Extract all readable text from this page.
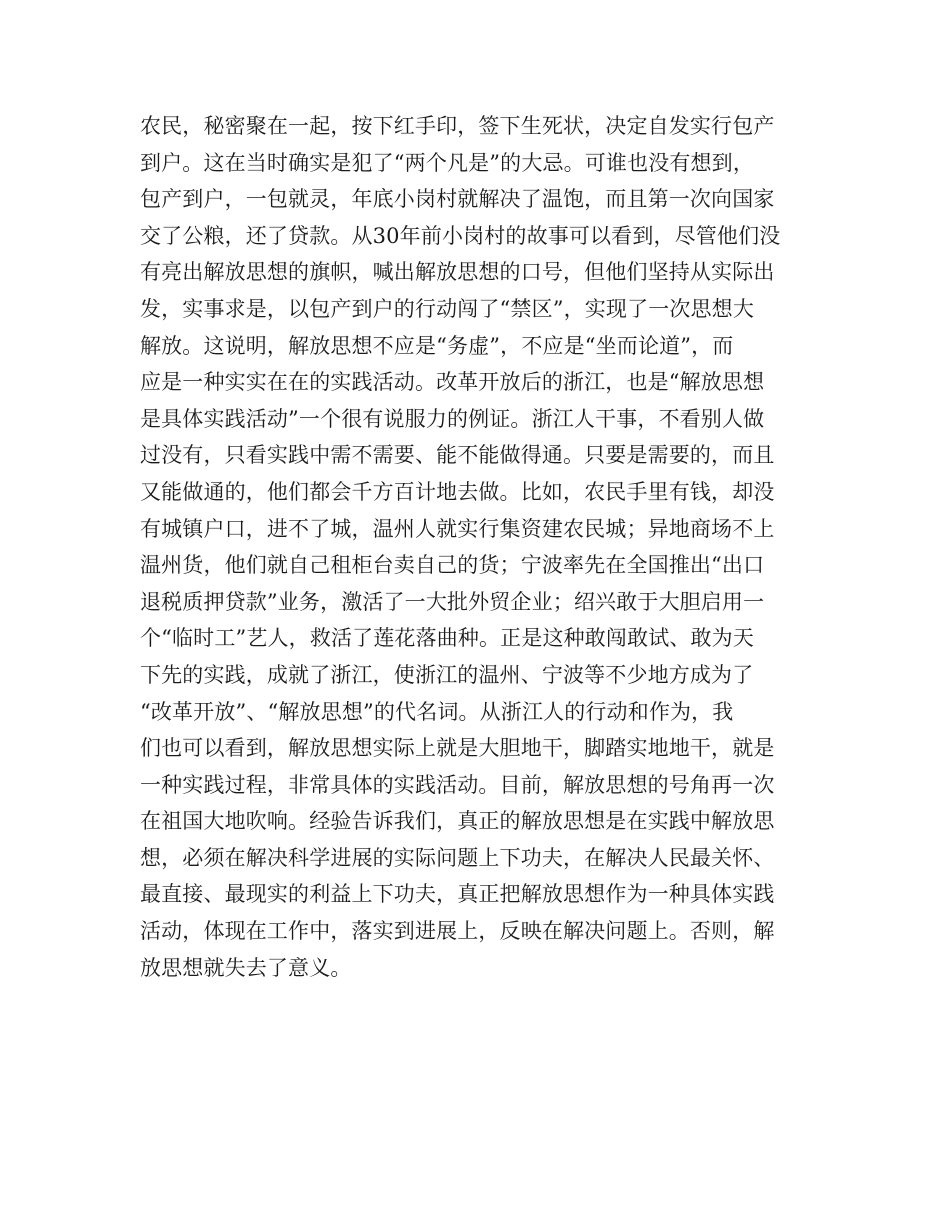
农民，秘密聚在一起，按下红手印，签下生死状，决定自发实行包产
到户。这在当时确实是犯了“两个凡是”的大忌。可谁也没有想到，
包产到户，一包就灵，年底小岗村就解决了温饱，而且第一次向国家
交了公粮，还了贷款。从30年前小岗村的故事可以看到，尽管他们没
有亮出解放思想的旗帜，喊出解放思想的口号，但他们坚持从实际出
发，实事求是，以包产到户的行动闯了“禁区”，实现了一次思想大
解放。这说明，解放思想不应是“务虚”，不应是“坐而论道”，而
应是一种实实在在的实践活动。改革开放后的浙江，也是“解放思想
是具体实践活动”一个很有说服力的例证。浙江人干事，不看别人做
过没有，只看实践中需不需要、能不能做得通。只要是需要的，而且
又能做通的，他们都会千方百计地去做。比如，农民手里有钱，却没
有城镇户口，进不了城，温州人就实行集资建农民城；异地商场不上
温州货，他们就自己租柜台卖自己的货；宁波率先在全国推出“出口
退税质押贷款”业务，激活了一大批外贸企业；绍兴敢于大胆启用一
个“临时工”艺人，救活了莲花落曲种。正是这种敢闯敢试、敢为天
下先的实践，成就了浙江，使浙江的温州、宁波等不少地方成为了
“改革开放”、“解放思想”的代名词。从浙江人的行动和作为，我
们也可以看到，解放思想实际上就是大胆地干，脚踏实地地干，就是
一种实践过程，非常具体的实践活动。目前，解放思想的号角再一次
在祖国大地吹响。经验告诉我们，真正的解放思想是在实践中解放思
想，必须在解决科学进展的实际问题上下功夫，在解决人民最关怀、
最直接、最现实的利益上下功夫，真正把解放思想作为一种具体实践
活动，体现在工作中，落实到进展上，反映在解决问题上。否则，解
放思想就失去了意义。
